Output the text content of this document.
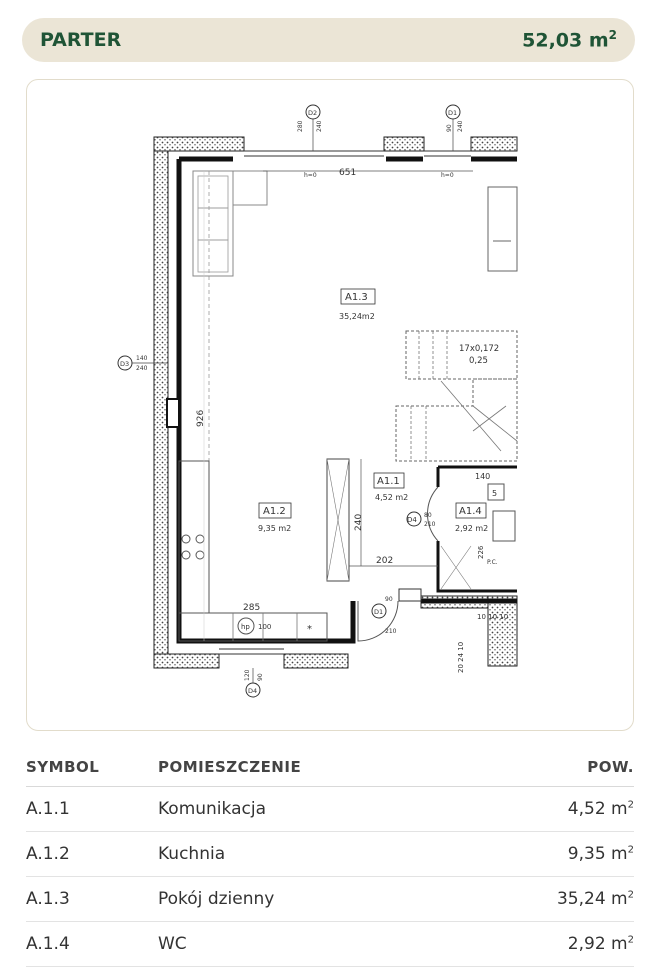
PARTER	52,03 $m^2$
hp 100	*
D2	D1
D3
D4
D1
D4
80
210
A1.3
35,24m2
A1.1
4,52 m2
A1.2
9,35 m2
A1.4
2,92 m2
651
h=0	h=0
926
240
202
285
17x0,172
0,25
140
5
226
P.C.
280 240	90 240
140
240
120 90
90
210
10 10 10
20 24 10
SYMBOL	POMIESZCZENIE	POW.
A.1.1	Komunikacja	4,52 $m^2$
A.1.2	Kuchnia	9,35 $m^2$
A.1.3	Pokój dzienny	35,24 $m^2$
A.1.4	WC	2,92 $m^2$
